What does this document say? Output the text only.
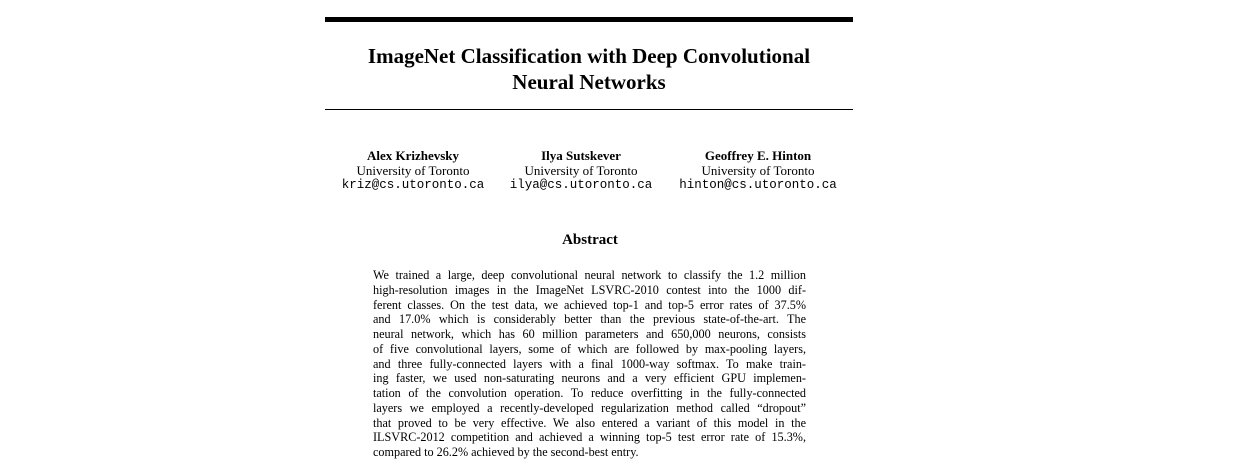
ImageNet Classification with Deep Convolutional
Neural Networks
Alex Krizhevsky
University of Toronto
kriz@cs.utoronto.ca
Ilya Sutskever
University of Toronto
ilya@cs.utoronto.ca
Geoffrey E. Hinton
University of Toronto
hinton@cs.utoronto.ca
Abstract
We trained a large, deep convolutional neural network to classify the 1.2 million
high-resolution images in the ImageNet LSVRC-2010 contest into the 1000 dif-
ferent classes. On the test data, we achieved top-1 and top-5 error rates of 37.5%
and 17.0% which is considerably better than the previous state-of-the-art. The
neural network, which has 60 million parameters and 650,000 neurons, consists
of five convolutional layers, some of which are followed by max-pooling layers,
and three fully-connected layers with a final 1000-way softmax. To make train-
ing faster, we used non-saturating neurons and a very efficient GPU implemen-
tation of the convolution operation. To reduce overfitting in the fully-connected
layers we employed a recently-developed regularization method called “dropout”
that proved to be very effective. We also entered a variant of this model in the
ILSVRC-2012 competition and achieved a winning top-5 test error rate of 15.3%,
compared to 26.2% achieved by the second-best entry.
